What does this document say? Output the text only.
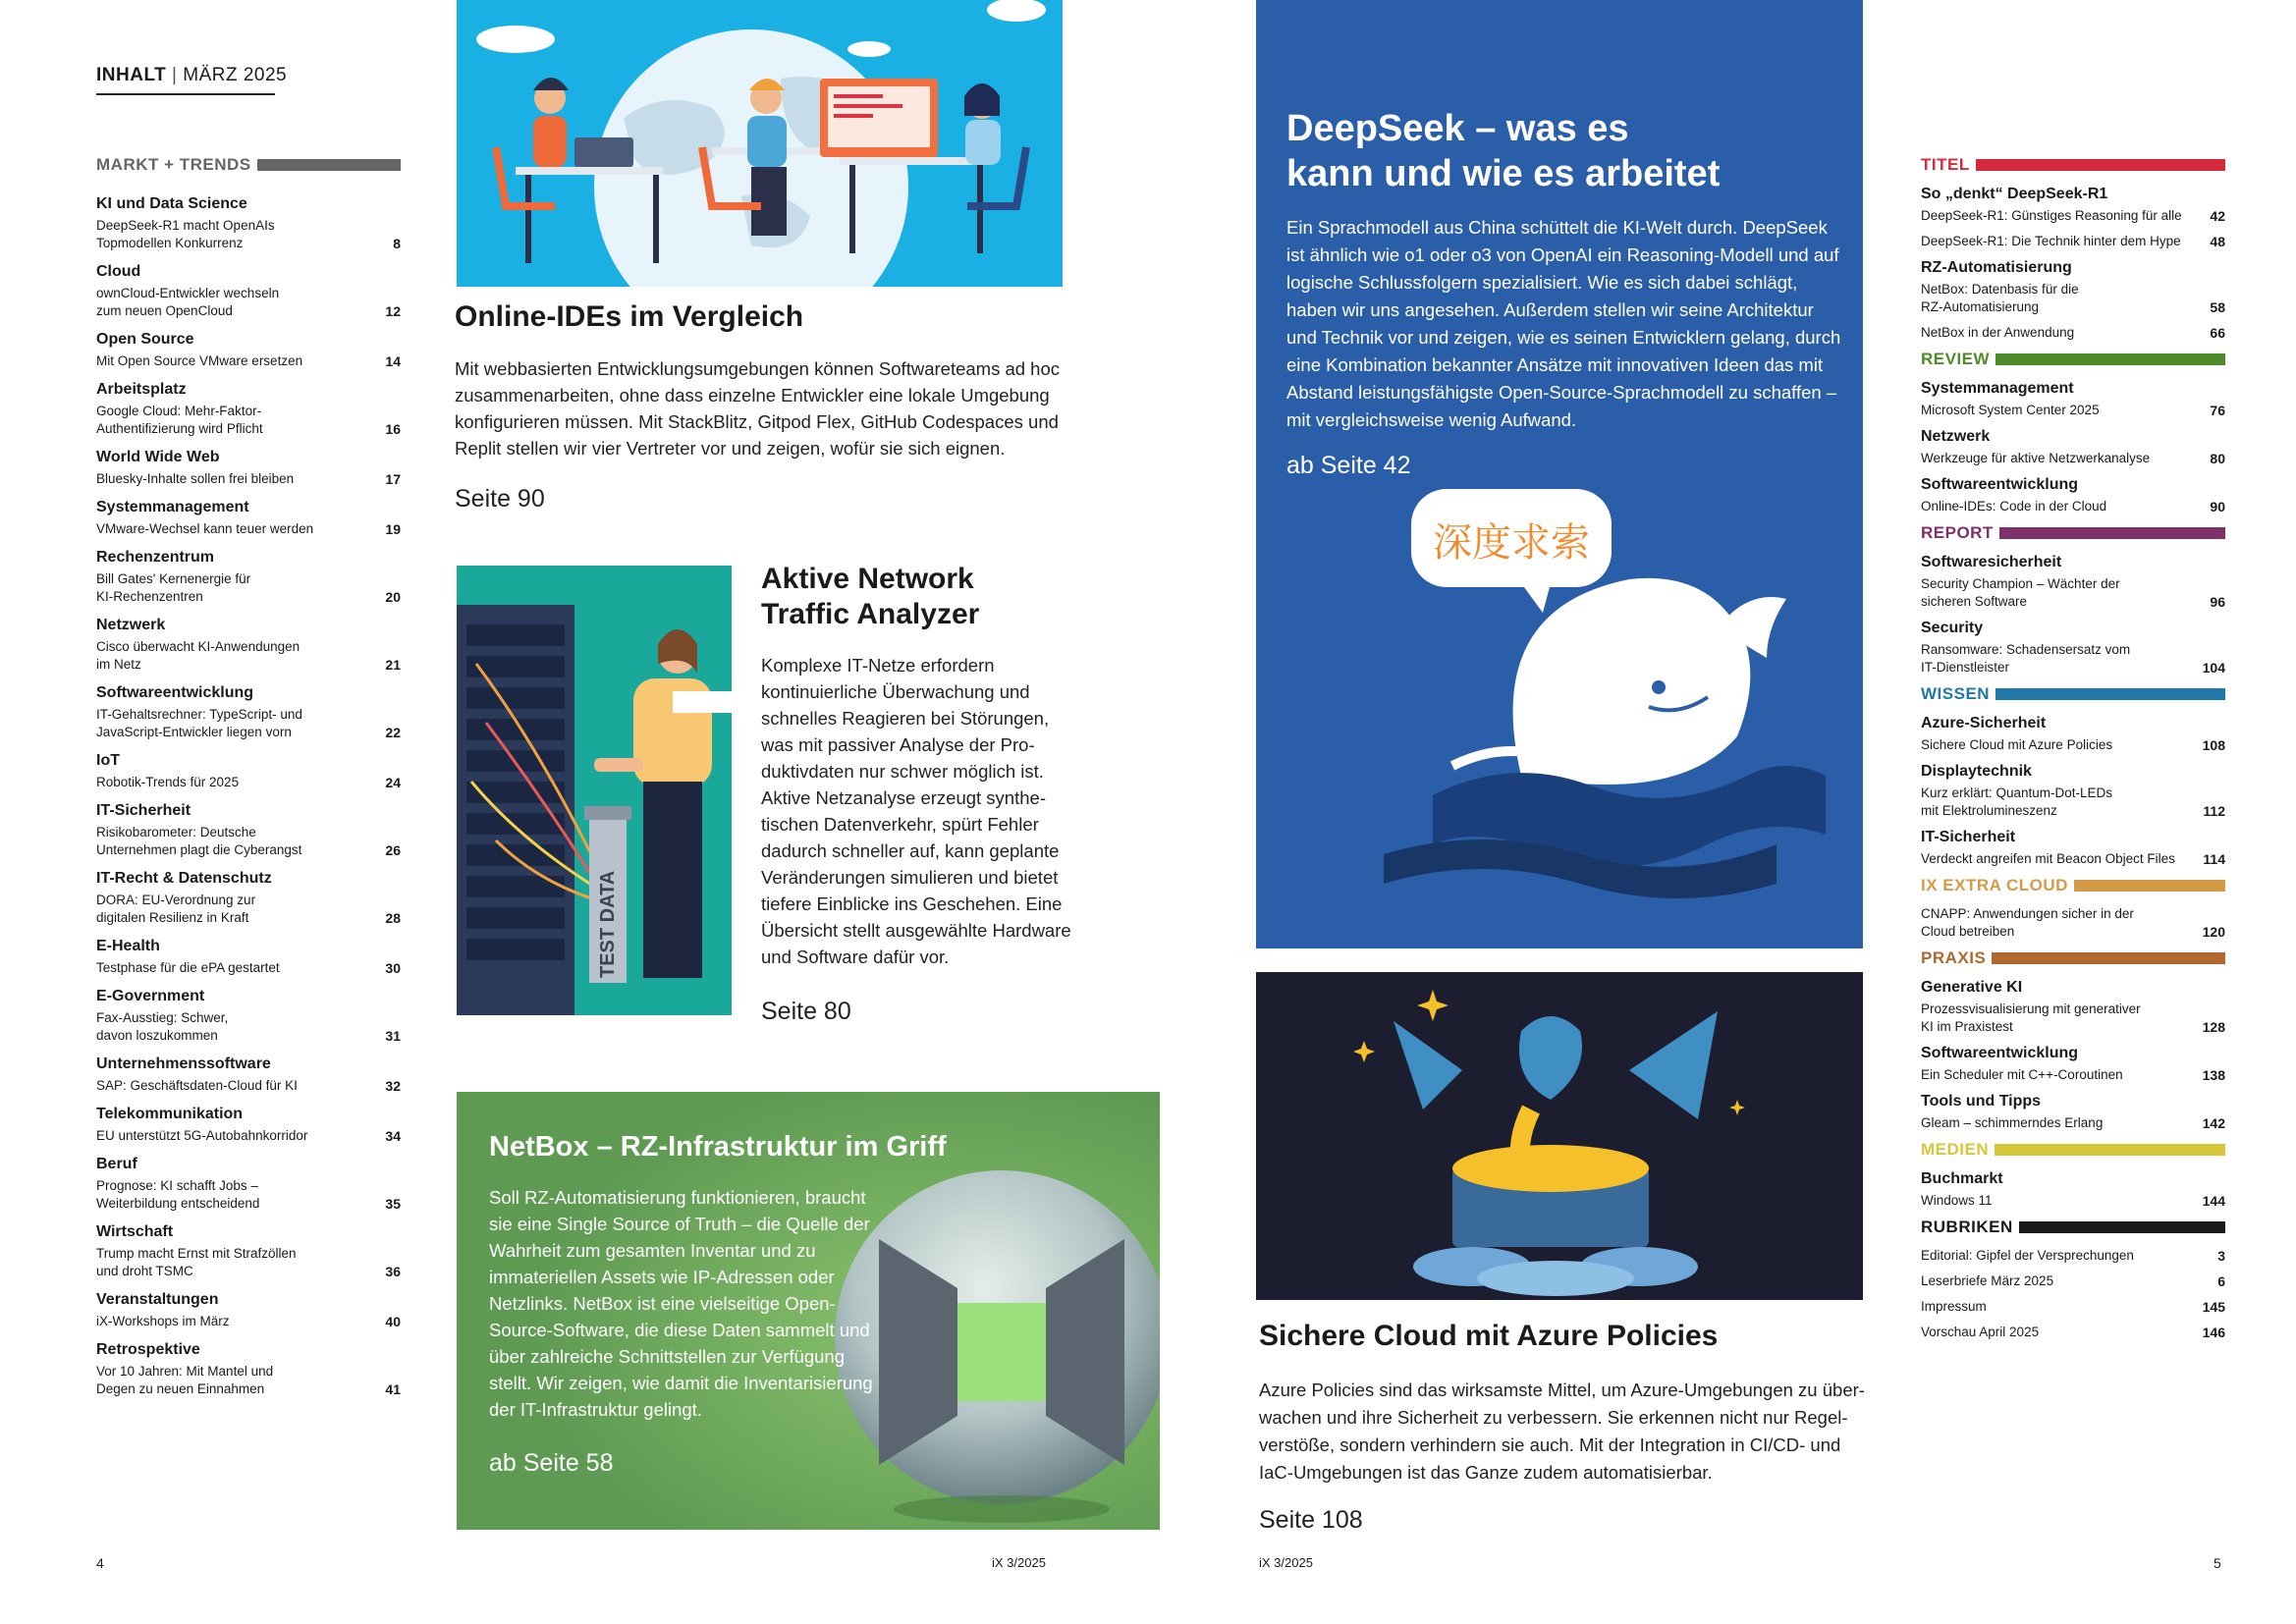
INHALT | MÄRZ 2025
MARKT + TRENDS
KI und Data Science
DeepSeek-R1 macht OpenAIs
Topmodellen Konkurrenz	8
Cloud
ownCloud-Entwickler wechseln
zum neuen OpenCloud	12
Open Source
Mit Open Source VMware ersetzen	14
Arbeitsplatz
Google Cloud: Mehr-Faktor-
Authentifizierung wird Pflicht	16
World Wide Web
Bluesky-Inhalte sollen frei bleiben	17
Systemmanagement
VMware-Wechsel kann teuer werden	19
Rechenzentrum
Bill Gates' Kernenergie für
KI-Rechenzentren	20
Netzwerk
Cisco überwacht KI-Anwendungen
im Netz	21
Softwareentwicklung
IT-Gehaltsrechner: TypeScript- und
JavaScript-Entwickler liegen vorn	22
IoT
Robotik-Trends für 2025	24
IT-Sicherheit
Risikobarometer: Deutsche
Unternehmen plagt die Cyberangst	26
IT-Recht & Datenschutz
DORA: EU-Verordnung zur
digitalen Resilienz in Kraft	28
E-Health
Testphase für die ePA gestartet	30
E-Government
Fax-Ausstieg: Schwer,
davon loszukommen	31
Unternehmenssoftware
SAP: Geschäftsdaten-Cloud für KI	32
Telekommunikation
EU unterstützt 5G-Autobahnkorridor	34
Beruf
Prognose: KI schafft Jobs –
Weiterbildung entscheidend	35
Wirtschaft
Trump macht Ernst mit Strafzöllen
und droht TSMC	36
Veranstaltungen
iX-Workshops im März	40
Retrospektive
Vor 10 Jahren: Mit Mantel und
Degen zu neuen Einnahmen	41
4	iX 3/2025	iX 3/2025	5
Online-IDEs im Vergleich
Mit webbasierten Entwicklungsumgebungen können Softwareteams ad hoc zusammenarbeiten, ohne dass einzelne Entwickler eine lokale Umgebung konfigurieren müssen. Mit StackBlitz, Gitpod Flex, GitHub Codespaces und Replit stellen wir vier Vertreter vor und zeigen, wofür sie sich eignen.
Seite 90
TEST DATA
Aktive Network
Traffic Analyzer
Komplexe IT-Netze erfordern kontinuierliche Überwachung und schnelles Reagieren bei Störungen, was mit passiver Analyse der Pro-duktivdaten nur schwer möglich ist. Aktive Netzanalyse erzeugt synthe-tischen Datenverkehr, spürt Fehler dadurch schneller auf, kann geplante Veränderungen simulieren und bietet tiefere Einblicke ins Geschehen. Eine Übersicht stellt ausgewählte Hardware und Software dafür vor.
Seite 80
NetBox – RZ-Infrastruktur im Griff
Soll RZ-Automatisierung funktionieren, braucht sie eine Single Source of Truth – die Quelle der Wahrheit zum gesamten Inventar und zu immateriellen Assets wie IP-Adressen oder Netzlinks. NetBox ist eine vielseitige Open-Source-Software, die diese Daten sammelt und über zahlreiche Schnittstellen zur Verfügung stellt. Wir zeigen, wie damit die Inventarisierung der IT-Infrastruktur gelingt.
ab Seite 58
深度求索
DeepSeek – was es
kann und wie es arbeitet
Ein Sprachmodell aus China schüttelt die KI-Welt durch. DeepSeek ist ähnlich wie o1 oder o3 von OpenAI ein Reasoning-Modell und auf logische Schlussfolgern spezialisiert. Wie es sich dabei schlägt, haben wir uns angesehen. Außerdem stellen wir seine Architektur und Technik vor und zeigen, wie es seinen Entwicklern gelang, durch eine Kombination bekannter Ansätze mit innovativen Ideen das mit Abstand leistungsfähigste Open-Source-Sprachmodell zu schaffen – mit vergleichsweise wenig Aufwand.
ab Seite 42
Sichere Cloud mit Azure Policies
Azure Policies sind das wirksamste Mittel, um Azure-Umgebungen zu über-wachen und ihre Sicherheit zu verbessern. Sie erkennen nicht nur Regel-verstöße, sondern verhindern sie auch. Mit der Integration in CI/CD- und IaC-Umgebungen ist das Ganze zudem automatisierbar.
Seite 108
TITEL
So „denkt“ DeepSeek-R1
DeepSeek-R1: Günstiges Reasoning für alle 42
DeepSeek-R1: Die Technik hinter dem Hype 48
RZ-Automatisierung
NetBox: Datenbasis für die
RZ-Automatisierung	58
NetBox in der Anwendung	66
REVIEW
Systemmanagement
Microsoft System Center 2025	76
Netzwerk
Werkzeuge für aktive Netzwerkanalyse	80
Softwareentwicklung
Online-IDEs: Code in der Cloud	90
REPORT
Softwaresicherheit
Security Champion – Wächter der
sicheren Software	96
Security
Ransomware: Schadensersatz vom
IT-Dienstleister	104
WISSEN
Azure-Sicherheit
Sichere Cloud mit Azure Policies	108
Displaytechnik
Kurz erklärt: Quantum-Dot-LEDs
mit Elektrolumineszenz	112
IT-Sicherheit
Verdeckt angreifen mit Beacon Object Files 114
IX EXTRA CLOUD
CNAPP: Anwendungen sicher in der
Cloud betreiben	120
PRAXIS
Generative KI
Prozessvisualisierung mit generativer
KI im Praxistest	128
Softwareentwicklung
Ein Scheduler mit C++-Coroutinen	138
Tools und Tipps
Gleam – schimmerndes Erlang	142
MEDIEN
Buchmarkt
Windows 11	144
RUBRIKEN
Editorial: Gipfel der Versprechungen	3
Leserbriefe März 2025	6
Impressum	145
Vorschau April 2025	146
